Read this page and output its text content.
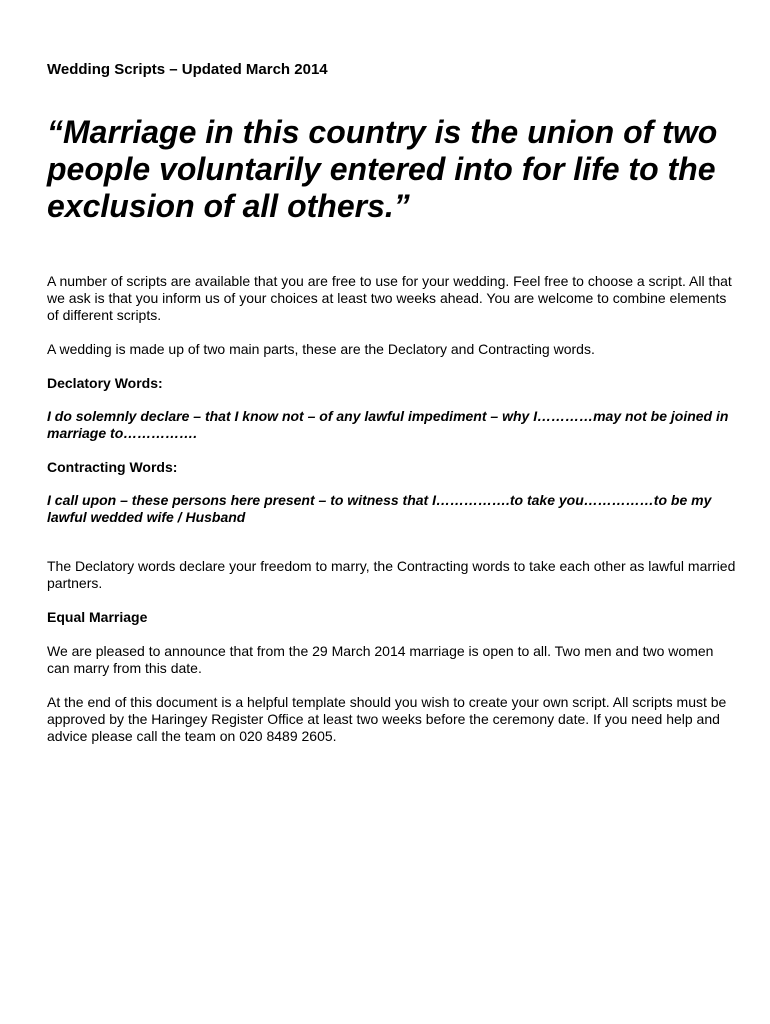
Wedding Scripts – Updated March 2014

“Marriage in this country is the union of two people voluntarily entered into for life to the exclusion of all others.”

A number of scripts are available that you are free to use for your wedding. Feel free to choose a script. All that we ask is that you inform us of your choices at least two weeks ahead. You are welcome to combine elements of different scripts.

A wedding is made up of two main parts, these are the Declatory and Contracting words.

Declatory Words:

I do solemnly declare – that I know not – of any lawful impediment – why I…………may not be joined in marriage to…………….

Contracting Words:

I call upon – these persons here present – to witness that I…………….to take you……………to be my lawful wedded wife / Husband

The Declatory words declare your freedom to marry, the Contracting words to take each other as lawful married partners.

Equal Marriage

We are pleased to announce that from the 29 March 2014 marriage is open to all. Two men and two women can marry from this date.

At the end of this document is a helpful template should you wish to create your own script. All scripts must be approved by the Haringey Register Office at least two weeks before the ceremony date. If you need help and advice please call the team on 020 8489 2605.
